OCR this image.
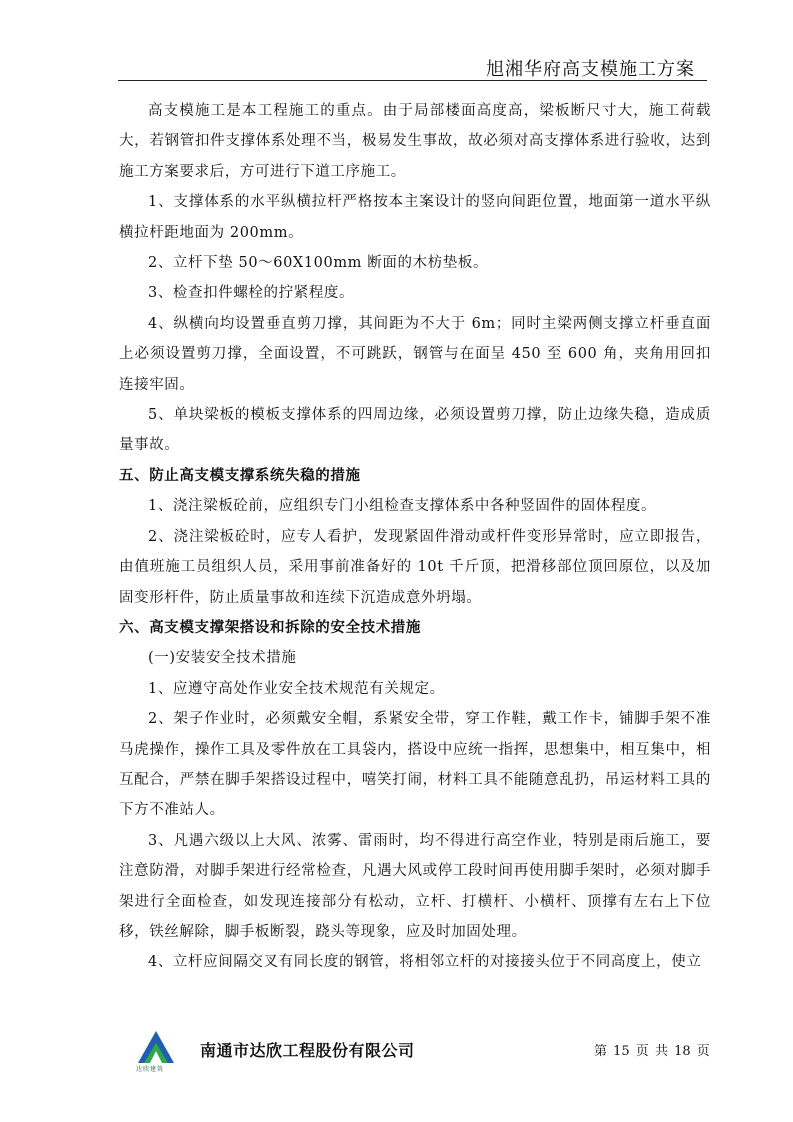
旭湘华府高支模施工方案

高支模施工是本工程施工的重点。由于局部楼面高度高，梁板断尺寸大，施工荷载大，若钢管扣件支撑体系处理不当，极易发生事故，故必须对高支撑体系进行验收，达到施工方案要求后，方可进行下道工序施工。

1、支撑体系的水平纵横拉杆严格按本主案设计的竖向间距位置，地面第一道水平纵横拉杆距地面为 200mm。

2、立杆下垫 50～60X100mm 断面的木枋垫板。

3、检查扣件螺栓的拧紧程度。

4、纵横向均设置垂直剪刀撑，其间距为不大于 6m；同时主梁两侧支撑立杆垂直面上必须设置剪刀撑，全面设置，不可跳跃，钢管与在面呈 450 至 600 角，夹角用回扣连接牢固。

5、单块梁板的模板支撑体系的四周边缘，必须设置剪刀撑，防止边缘失稳，造成质量事故。

五、防止高支模支撑系统失稳的措施

1、浇注梁板砼前，应组织专门小组检查支撑体系中各种竖固件的固体程度。

2、浇注梁板砼时，应专人看护，发现紧固件滑动或杆件变形异常时，应立即报告，由值班施工员组织人员，采用事前准备好的 10t 千斤顶，把滑移部位顶回原位，以及加固变形杆件，防止质量事故和连续下沉造成意外坍塌。

六、高支模支撑架搭设和拆除的安全技术措施

(一)安装安全技术措施

1、应遵守高处作业安全技术规范有关规定。

2、架子作业时，必须戴安全帽，系紧安全带，穿工作鞋，戴工作卡，铺脚手架不准马虎操作，操作工具及零件放在工具袋内，搭设中应统一指挥，思想集中，相互集中，相互配合，严禁在脚手架搭设过程中，嘻笑打闹，材料工具不能随意乱扔，吊运材料工具的下方不准站人。

3、凡遇六级以上大风、浓雾、雷雨时，均不得进行高空作业，特别是雨后施工，要注意防滑，对脚手架进行经常检查，凡遇大风或停工段时间再使用脚手架时，必须对脚手架进行全面检查，如发现连接部分有松动，立杆、打横杆、小横杆、顶撑有左右上下位移，铁丝解除，脚手板断裂，跷头等现象，应及时加固处理。

4、立杆应间隔交叉有同长度的钢管，将相邻立杆的对接接头位于不同高度上，使立

达欣建筑
南通市达欣工程股份有限公司	第 15 页 共 18 页
